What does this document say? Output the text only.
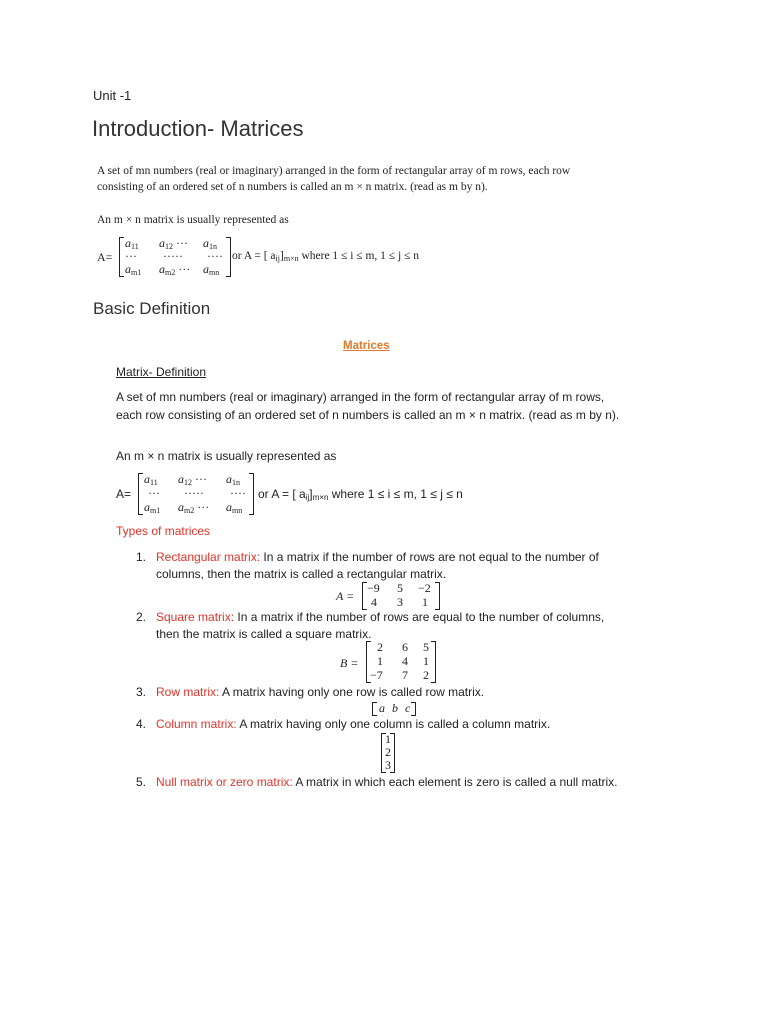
Unit -1
Introduction- Matrices
A set of mn numbers (real or imaginary) arranged in the form of rectangular array of m rows, each row consisting of an ordered set of n numbers is called an m × n matrix. (read as m by n).
An m × n matrix is usually represented as
A=
$a_{11}$ $a_{12}$ ··· $a_{1n}$
··· ····· ····
$a_{m1}$ $a_{m2}$ ··· $a_{mn}$
or A = [ $a_{ij}]_{m\times n}$ where 1 ≤ i ≤ m, 1 ≤ j ≤ n
Basic Definition
Matrices
Matrix- Definition
A set of mn numbers (real or imaginary) arranged in the form of rectangular array of m rows, each row consisting of an ordered set of n numbers is called an m × n matrix. (read as m by n).
An m × n matrix is usually represented as
A=
$a_{11}$ $a_{12}$ ··· $a_{1n}$
··· ····· ····
$a_{m1}$ $a_{m2}$ ··· $a_{mn}$
or A = [ $a_{ij}]_{m\times n}$ where 1 ≤ i ≤ m, 1 ≤ j ≤ n
Types of matrices
1. Rectangular matrix: In a matrix if the number of rows are not equal to the number of columns, then the matrix is called a rectangular matrix.
A =
−9 5 −2
4 3 1
2. Square matrix: In a matrix if the number of rows are equal to the number of columns, then the matrix is called a square matrix.
B =
2 6 5
1 4 1
−7 7 2
3. Row matrix: A matrix having only one row is called row matrix.
a b c
4. Column matrix: A matrix having only one column is called a column matrix.
1
2
3
5. Null matrix or zero matrix: A matrix in which each element is zero is called a null matrix.
